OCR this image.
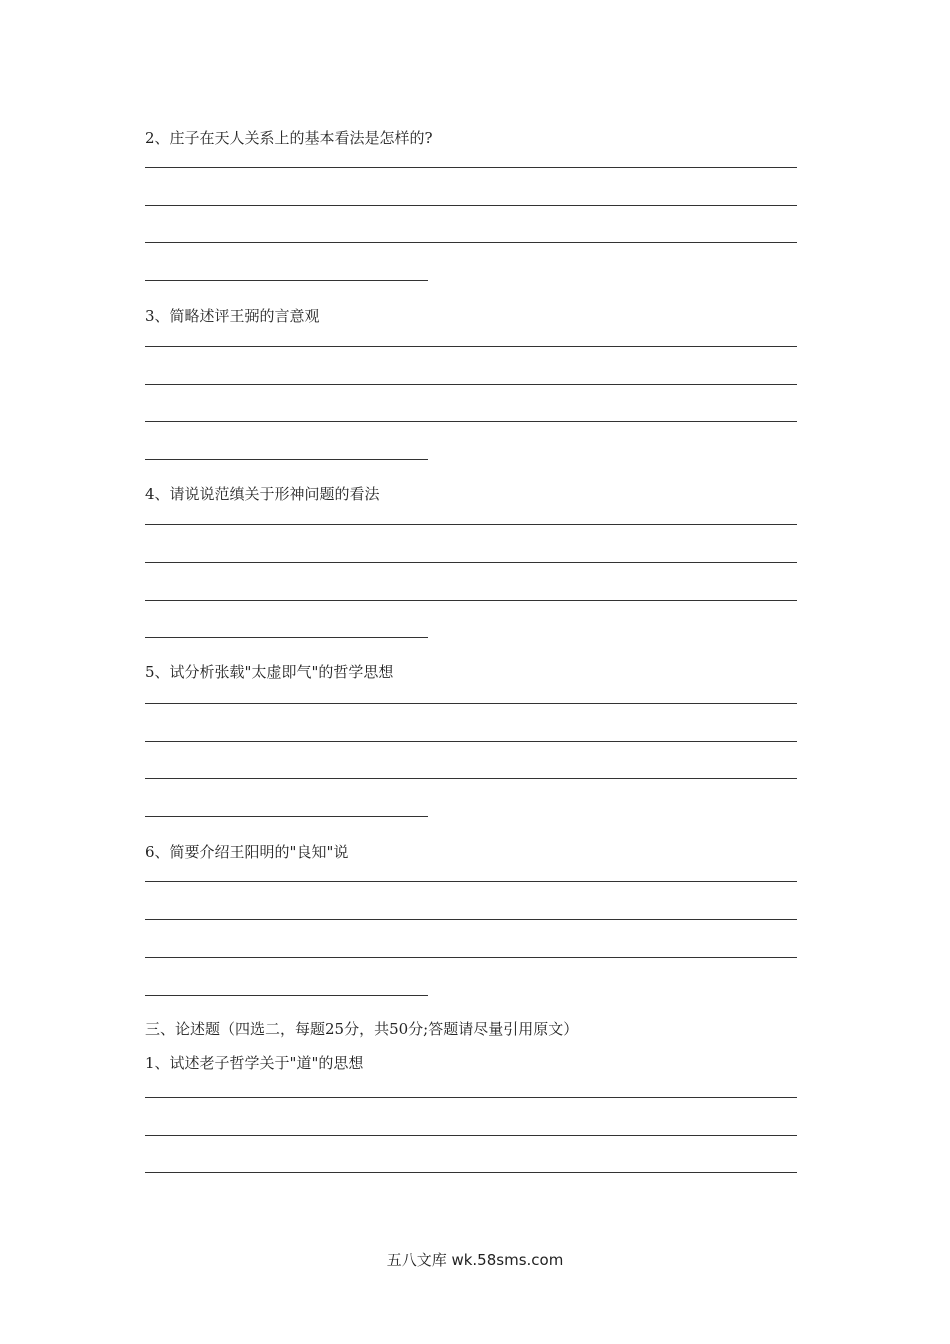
2、庄子在天人关系上的基本看法是怎样的?
3、简略述评王弼的言意观
4、请说说范缜关于形神问题的看法
5、试分析张载"太虚即气"的哲学思想
6、简要介绍王阳明的"良知"说
三、论述题（四选二，每题25分，共50分;答题请尽量引用原文）
1、试述老子哲学关于"道"的思想
五八文库 wk.58sms.com
